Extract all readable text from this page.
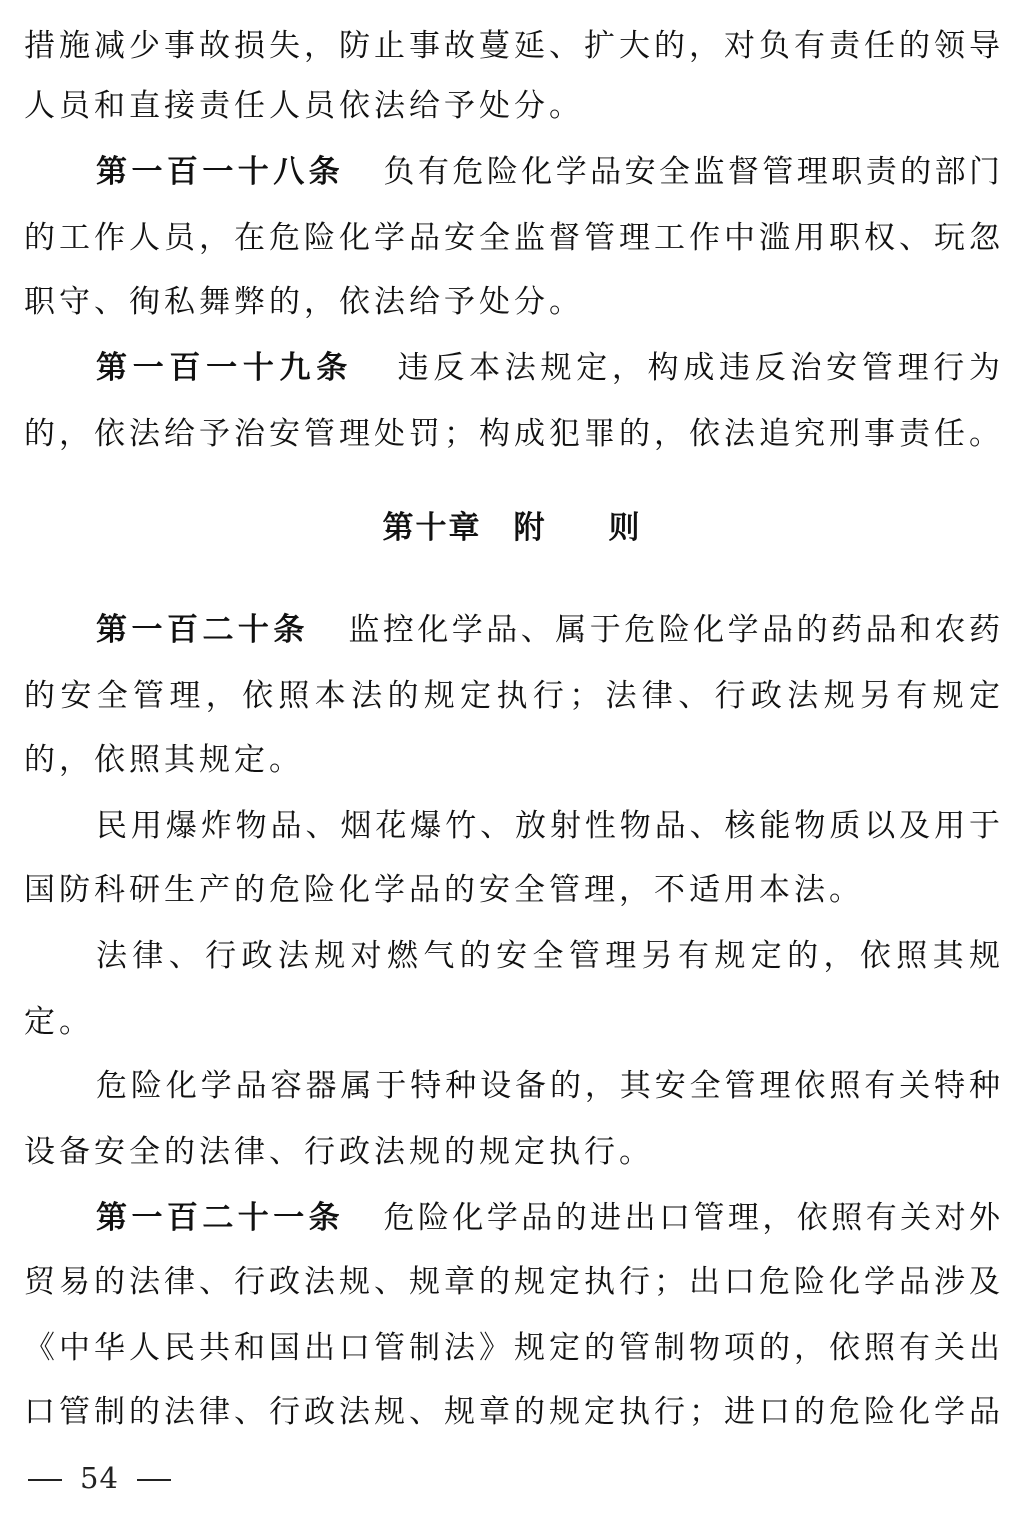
措施减少事故损失，防止事故蔓延、扩大的，对负有责任的领导
人员和直接责任人员依法给予处分。
第一百一十八条 负有危险化学品安全监督管理职责的部门
的工作人员，在危险化学品安全监督管理工作中滥用职权、玩忽
职守、徇私舞弊的，依法给予处分。
第一百一十九条 违反本法规定，构成违反治安管理行为
的，依法给予治安管理处罚；构成犯罪的，依法追究刑事责任。
第十章 附 则
第一百二十条 监控化学品、属于危险化学品的药品和农药
的安全管理，依照本法的规定执行；法律、行政法规另有规定
的，依照其规定。
民用爆炸物品、烟花爆竹、放射性物品、核能物质以及用于
国防科研生产的危险化学品的安全管理，不适用本法。
法律、行政法规对燃气的安全管理另有规定的，依照其规
定。
危险化学品容器属于特种设备的，其安全管理依照有关特种
设备安全的法律、行政法规的规定执行。
第一百二十一条 危险化学品的进出口管理，依照有关对外
贸易的法律、行政法规、规章的规定执行；出口危险化学品涉及
《中华人民共和国出口管制法》规定的管制物项的，依照有关出
口管制的法律、行政法规、规章的规定执行；进口的危险化学品
54
